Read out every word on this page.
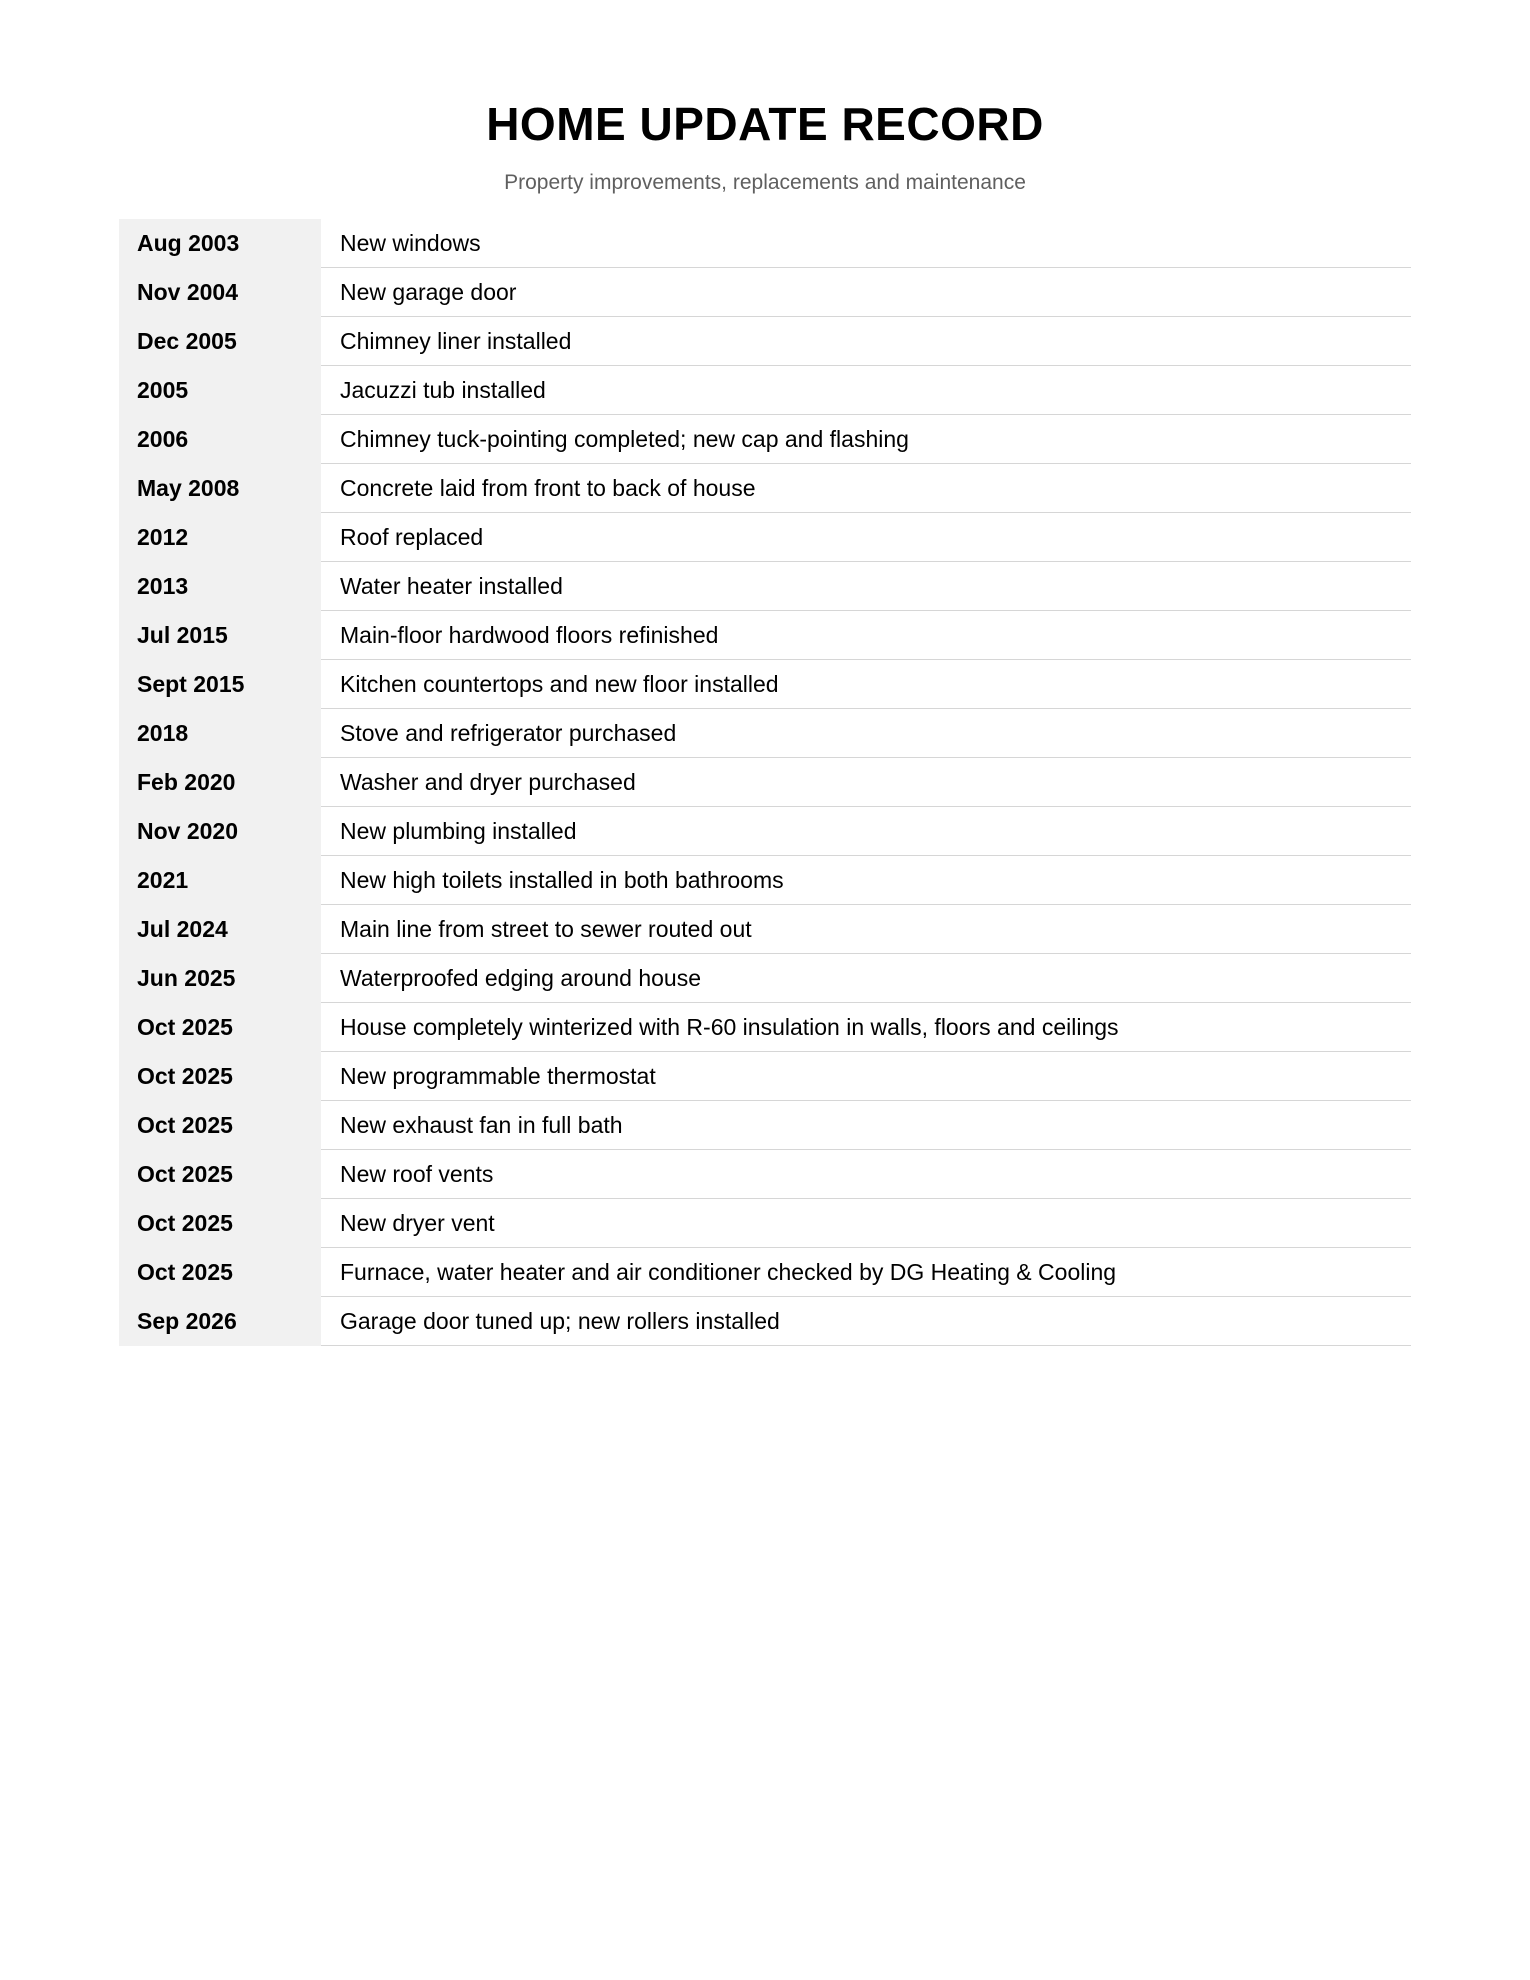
HOME UPDATE RECORD

Property improvements, replacements and maintenance

Aug 2003	New windows
Nov 2004	New garage door
Dec 2005	Chimney liner installed
2005	Jacuzzi tub installed
2006	Chimney tuck-pointing completed; new cap and flashing
May 2008	Concrete laid from front to back of house
2012	Roof replaced
2013	Water heater installed
Jul 2015	Main-floor hardwood floors refinished
Sept 2015	Kitchen countertops and new floor installed
2018	Stove and refrigerator purchased
Feb 2020	Washer and dryer purchased
Nov 2020	New plumbing installed
2021	New high toilets installed in both bathrooms
Jul 2024	Main line from street to sewer routed out
Jun 2025	Waterproofed edging around house
Oct 2025	House completely winterized with R-60 insulation in walls, floors and ceilings
Oct 2025	New programmable thermostat
Oct 2025	New exhaust fan in full bath
Oct 2025	New roof vents
Oct 2025	New dryer vent
Oct 2025	Furnace, water heater and air conditioner checked by DG Heating & Cooling
Sep 2026	Garage door tuned up; new rollers installed
